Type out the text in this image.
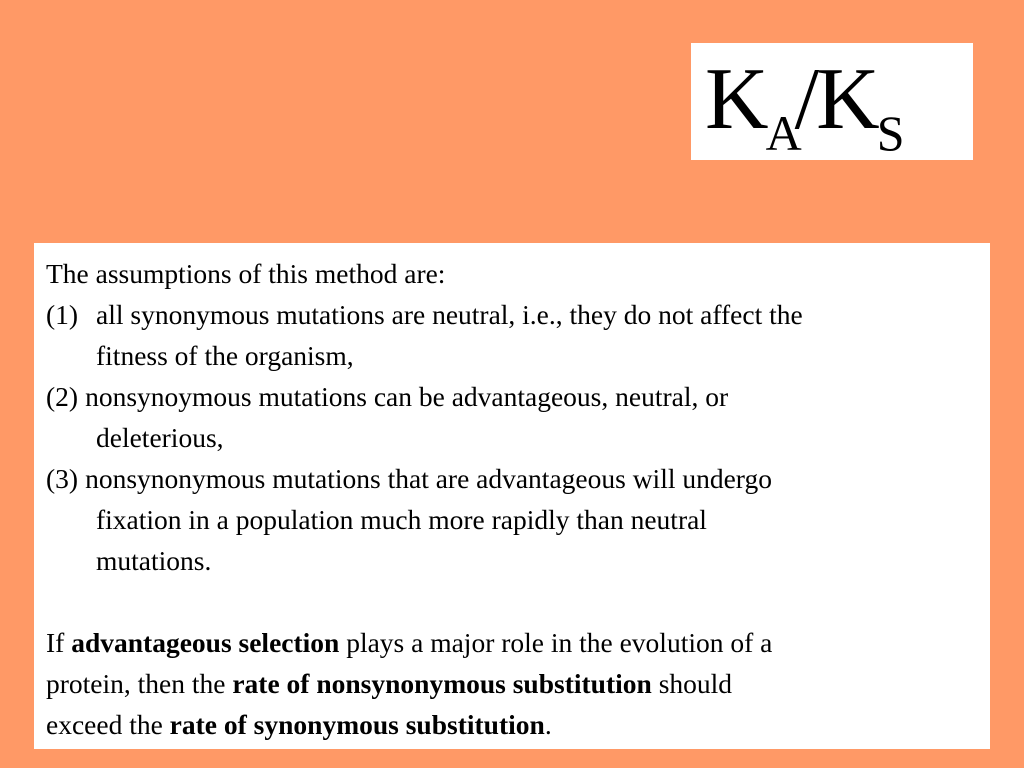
$K_A/K_S$
The assumptions of this method are:
(1) all synonymous mutations are neutral, i.e., they do not affect the
fitness of the organism,
(2) nonsynoymous mutations can be advantageous, neutral, or
deleterious,
(3) nonsynonymous mutations that are advantageous will undergo
fixation in a population much more rapidly than neutral
mutations.
If advantageous selection plays a major role in the evolution of a
protein, then the rate of nonsynonymous substitution should
exceed the rate of synonymous substitution.
